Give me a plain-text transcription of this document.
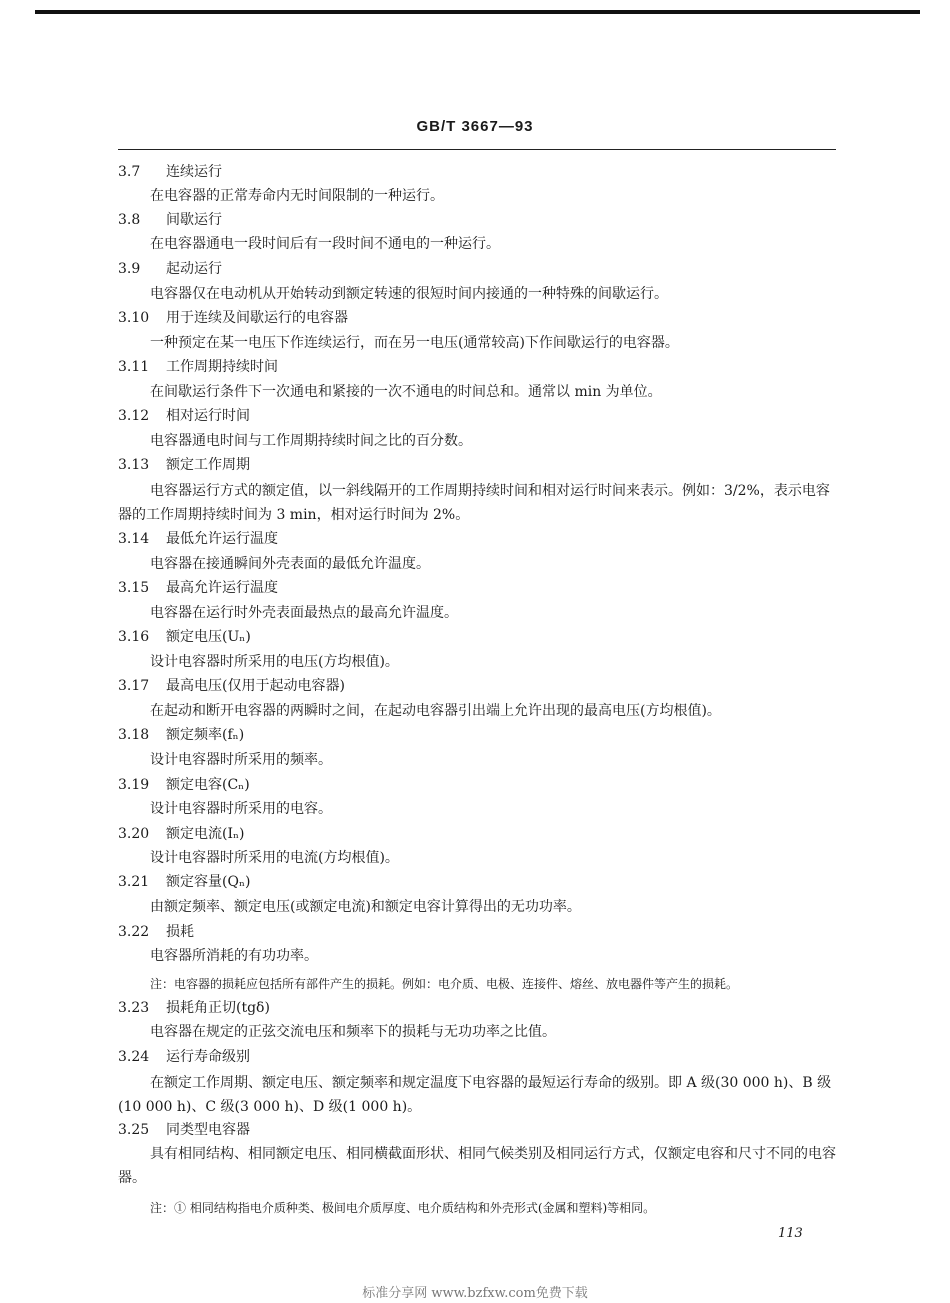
GB/T 3667—93
3.7 连续运行
在电容器的正常寿命内无时间限制的一种运行。
3.8 间歇运行
在电容器通电一段时间后有一段时间不通电的一种运行。
3.9 起动运行
电容器仅在电动机从开始转动到额定转速的很短时间内接通的一种特殊的间歇运行。
3.10 用于连续及间歇运行的电容器
一种预定在某一电压下作连续运行，而在另一电压(通常较高)下作间歇运行的电容器。
3.11 工作周期持续时间
在间歇运行条件下一次通电和紧接的一次不通电的时间总和。通常以 min 为单位。
3.12 相对运行时间
电容器通电时间与工作周期持续时间之比的百分数。
3.13 额定工作周期
电容器运行方式的额定值，以一斜线隔开的工作周期持续时间和相对运行时间来表示。例如：3/2%，表示电容器的工作周期持续时间为 3 min，相对运行时间为 2%。
3.14 最低允许运行温度
电容器在接通瞬间外壳表面的最低允许温度。
3.15 最高允许运行温度
电容器在运行时外壳表面最热点的最高允许温度。
3.16 额定电压(Uₙ)
设计电容器时所采用的电压(方均根值)。
3.17 最高电压(仅用于起动电容器)
在起动和断开电容器的两瞬时之间，在起动电容器引出端上允许出现的最高电压(方均根值)。
3.18 额定频率(fₙ)
设计电容器时所采用的频率。
3.19 额定电容(Cₙ)
设计电容器时所采用的电容。
3.20 额定电流(Iₙ)
设计电容器时所采用的电流(方均根值)。
3.21 额定容量(Qₙ)
由额定频率、额定电压(或额定电流)和额定电容计算得出的无功功率。
3.22 损耗
电容器所消耗的有功功率。
注：电容器的损耗应包括所有部件产生的损耗。例如：电介质、电极、连接件、熔丝、放电器件等产生的损耗。
3.23 损耗角正切(tgδ)
电容器在规定的正弦交流电压和频率下的损耗与无功功率之比值。
3.24 运行寿命级别
在额定工作周期、额定电压、额定频率和规定温度下电容器的最短运行寿命的级别。即 A 级(30 000 h)、B 级(10 000 h)、C 级(3 000 h)、D 级(1 000 h)。
3.25 同类型电容器
具有相同结构、相同额定电压、相同横截面形状、相同气候类别及相同运行方式，仅额定电容和尺寸不同的电容器。
注：① 相同结构指电介质种类、极间电介质厚度、电介质结构和外壳形式(金属和塑料)等相同。
113
标准分享网 www.bzfxw.com免费下载
